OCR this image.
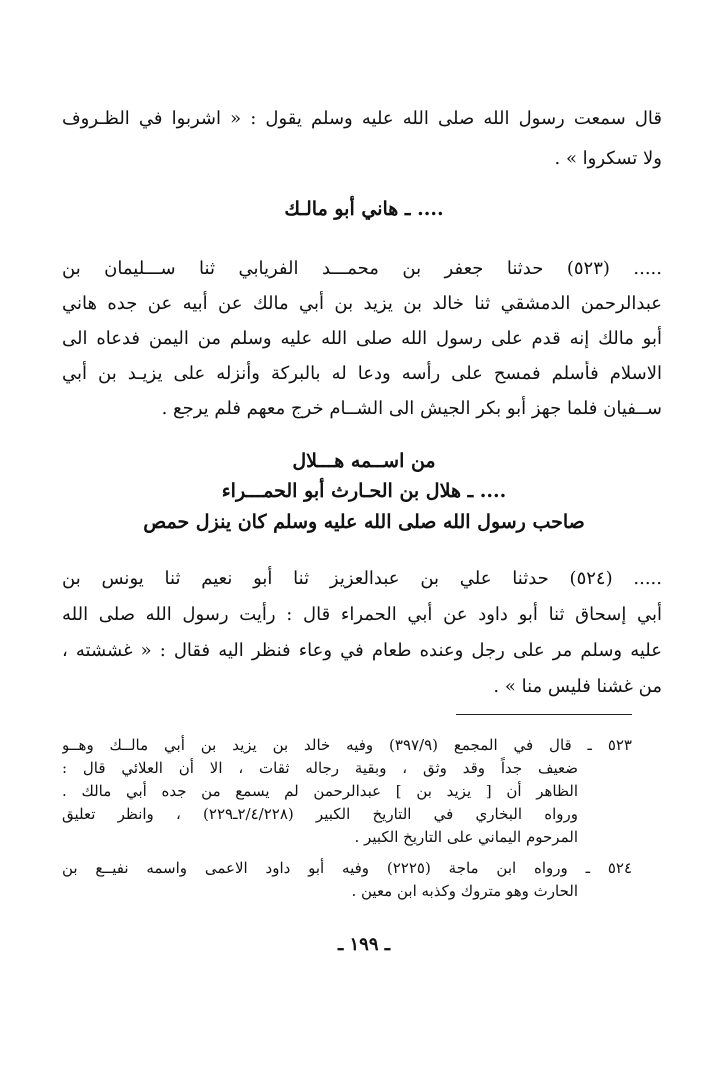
قال سمعت رسول الله صلى الله عليه وسلم يقول : « اشربوا في الظـروف
ولا تسكروا » .
.... ـ هاني أبو مالـك
..... (٥٢٣) حدثنا جعفر بن محمـــد الفريابي ثنا ســـليمان بن
عبدالرحمن الدمشقي ثنا خالد بن يزيد بن أبي مالك عن أبيه عن جده هاني
أبو مالك إنه قدم على رسول الله صلى الله عليه وسلم من اليمن فدعاه الى
الاسلام فأسلم فمسح على رأسه ودعا له بالبركة وأنزله على يزيـد بن أبي
ســفيان فلما جهز أبو بكر الجيش الى الشــام خرج معهم فلم يرجع .
من اســمه هـــلال
.... ـ هلال بن الحـارث أبو الحمـــراء
صاحب رسول الله صلى الله عليه وسلم كان ينزل حمص
..... (٥٢٤) حدثنا علي بن عبدالعزيز ثنا أبو نعيم ثنا يونس بن
أبي إسحاق ثنا أبو داود عن أبي الحمراء قال : رأيت رسول الله صلى الله
عليه وسلم مر على رجل وعنده طعام في وعاء فنظر اليه فقال : « غششته ،
من غشنا فليس منا » .
٥٢٣ ـ قال في المجمع (٣٩٧/٩) وفيه خالد بن يزيد بن أبي مالــك وهــو
ضعيف جداً وقد وثق ، وبقية رجاله ثقات ، الا أن العلائي قال :
الظاهر أن [ يزيد بن ] عبدالرحمن لم يسمع من جده أبي مالك .
ورواه البخاري في التاريخ الكبير (٢/٤/٢٢٨ـ٢٢٩) ، وانظر تعليق
المرحوم اليماني على التاريخ الكبير .
٥٢٤ ـ ورواه ابن ماجة (٢٢٢٥) وفيه أبو داود الاعمى واسمه نفيــع بن
الحارث وهو متروك وكذبه ابن معين .
ـ ١٩٩ ـ
